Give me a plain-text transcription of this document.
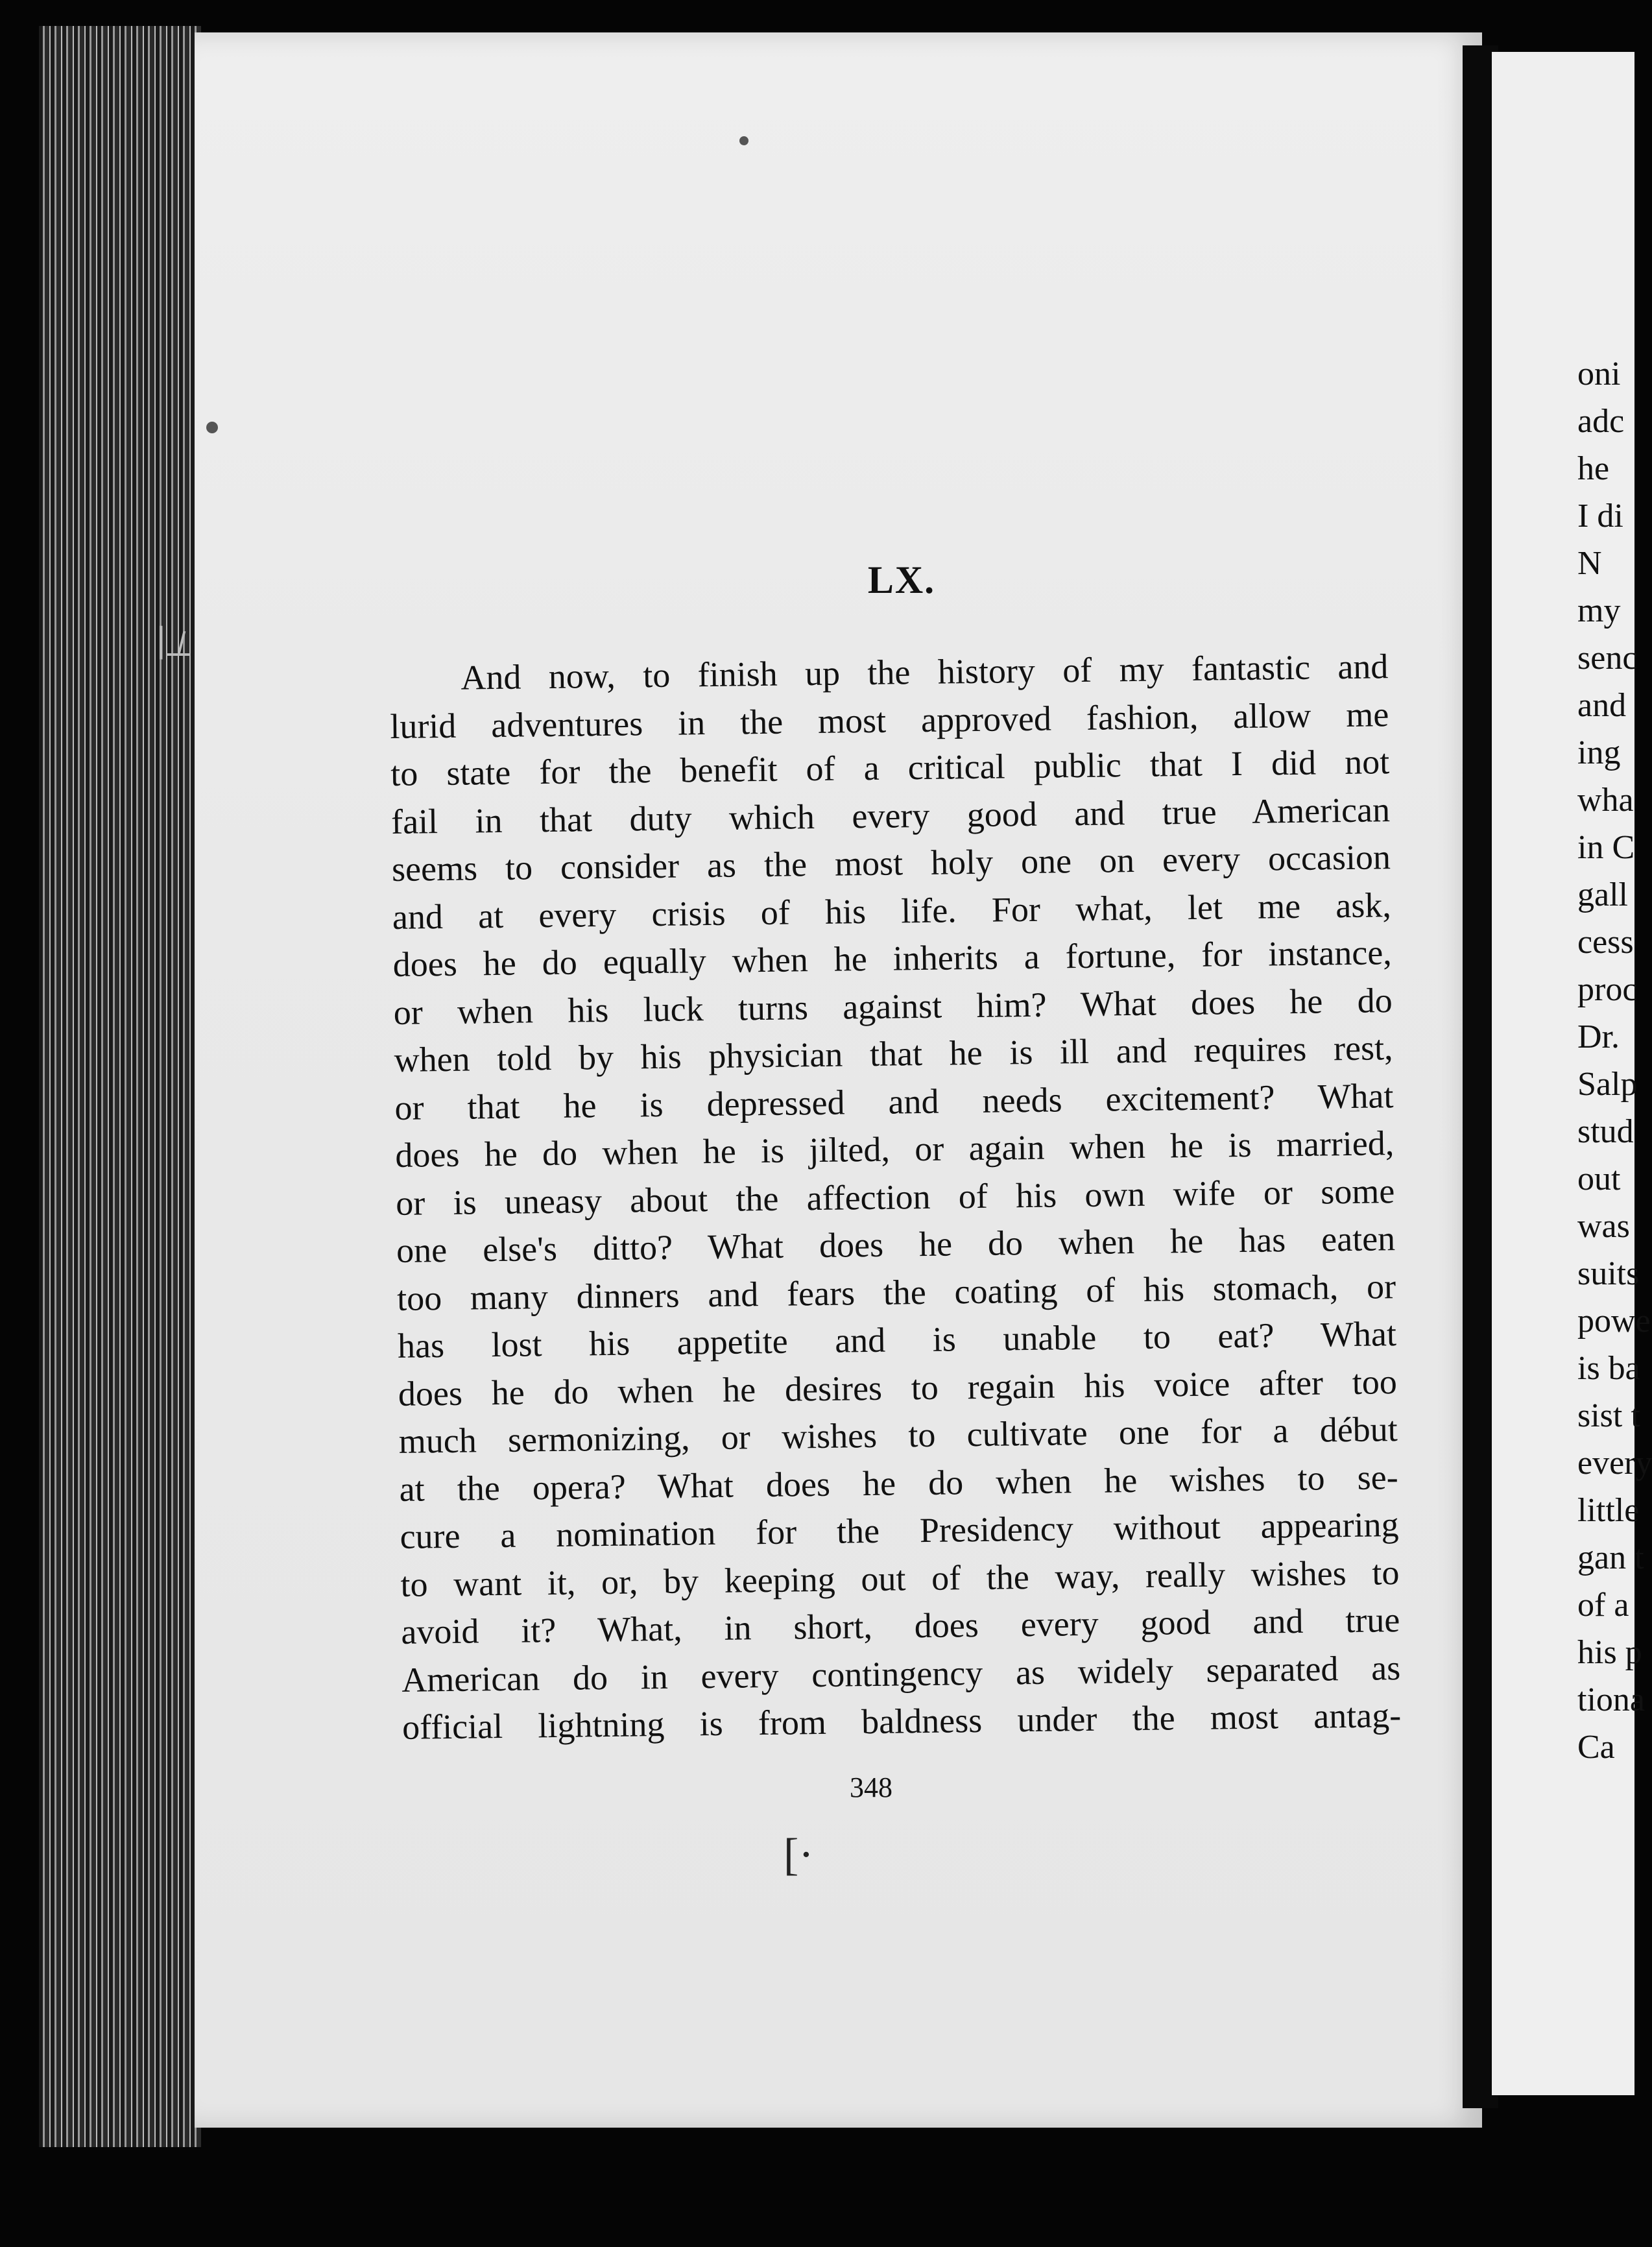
∣⟂
LX.
And now, to finish up the history of my fantastic and
lurid adventures in the most approved fashion, allow me
to state for the benefit of a critical public that I did not
fail in that duty which every good and true American
seems to consider as the most holy one on every occasion
and at every crisis of his life. For what, let me ask,
does he do equally when he inherits a fortune, for instance,
or when his luck turns against him? What does he do
when told by his physician that he is ill and requires rest,
or that he is depressed and needs excitement? What
does he do when he is jilted, or again when he is married,
or is uneasy about the affection of his own wife or some
one else's ditto? What does he do when he has eaten
too many dinners and fears the coating of his stomach, or
has lost his appetite and is unable to eat? What
does he do when he desires to regain his voice after too
much sermonizing, or wishes to cultivate one for a début
at the opera? What does he do when he wishes to se-
cure a nomination for the Presidency without appearing
to want it, or, by keeping out of the way, really wishes to
avoid it? What, in short, does every good and true
American do in every contingency as widely separated as
official lightning is from baldness under the most antag-
348
[·
oni
adc
he
I di
N
my
senc
and
ing
wha
in C
gall
cess
proc
Dr.
Salp
stud
out
was
suits
powe
is ba
sist t
every
little
gan t
of a
his p
tiona
Ca
